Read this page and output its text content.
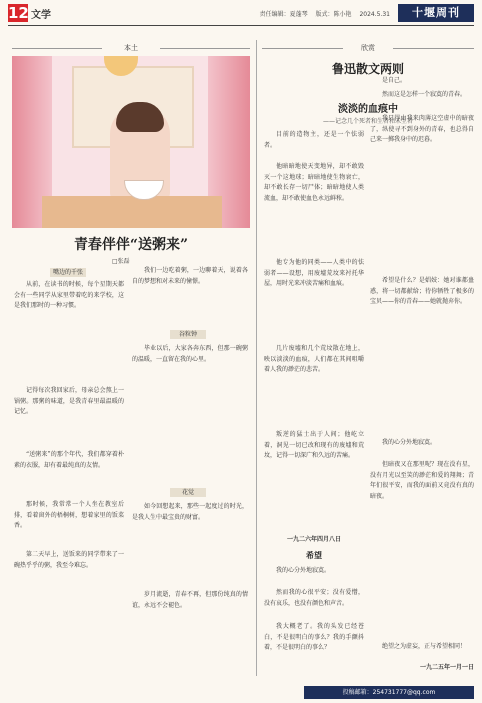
12 文学	责任编辑：夏蓬琴 版式：陈小艳 2024.5.31	十堰周刊
本土
青春伴伴“送粥来”
□张磊
嘴边的千张
从前，在读书的时候，每个星期天都会有一些同学从家里带着吃的来学校，这是我们那时的一种习惯。
记得每次我回家后，母亲总会熬上一锅粥。那粥的味道，是我青春里最温暖的记忆。
“送粥来”的那个年代，我们都穿着朴素的衣服，却有着最纯真的友情。
那时候，我常常一个人坐在教室后排，看着窗外的梧桐树，想着家里的饭菜香。
第二天早上，送饭来的同学带来了一碗热乎乎的粥，我至今难忘。
我们一边吃着粥，一边聊着天，说着各自的梦想和对未来的憧憬。
谷粒钟
毕业以后，大家各奔东西，但那一碗粥的温暖，一直留在我的心里。
花觉
如今回想起来，那些一起度过的时光，是我人生中最宝贵的财富。
岁月流逝，青春不再，但那份纯真的情谊，永远不会褪色。
欣赏
鲁迅散文两则
淡淡的血痕中
——记念几个死者和生者和未生者
目前的造物主，还是一个怯弱者。
他暗暗地使天变地异，却不敢毁灭一个这地球；暗暗地使生物衰亡，却不敢长存一切尸体；暗暗地使人类流血，却不敢使血色永远鲜秾。
他专为他的同类——人类中的怯弱者——设想，用废墟荒坟来衬托华屋，用时光来冲淡苦痛和血痕。
几片废墟和几个荒坟散在地上，映以淡淡的血痕，人们都在其间咀嚼着人我的渺茫的悲苦。
叛逆的猛士出于人间；他屹立着，洞见一切已改和现有的废墟和荒坟，记得一切深广和久远的苦痛。
一九二六年四月八日
希望
我的心分外地寂寞。
然而我的心很平安；没有爱憎，没有哀乐，也没有颜色和声音。
我大概老了。我的头发已经苍白，不是很明白的事么？我的手颤抖着，不是很明白的事么？
是自己。
然而这是怎样一个寂寞的青春。
我只得由我来肉薄这空虚中的暗夜了，纵使寻不到身外的青春，也总得自己来一掷我身中的迟暮。
希望是什么？是娼妓：她对谁都蛊惑，将一切都献给；待你牺牲了极多的宝贝——你的青春——她就抛弃你。
我的心分外地寂寞。
但暗夜又在那里呢？现在没有星，没有月光以至笑的渺茫和爱的翔舞；青年们很平安，而我的面前又竟没有真的暗夜。
绝望之为虚妄，正与希望相同！
一九二五年一月一日
投稿邮箱：254731777@qq.com
